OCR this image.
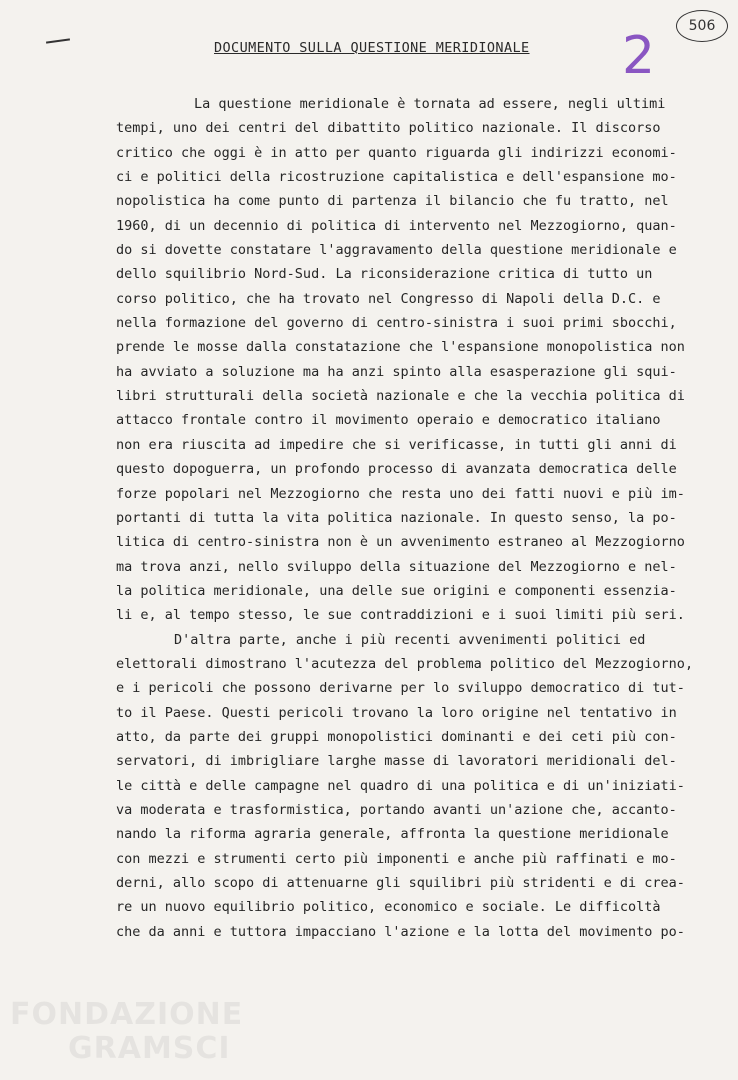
DOCUMENTO SULLA QUESTIONE MERIDIONALE
506
2
La questione meridionale è tornata ad essere, negli ultimi
tempi, uno dei centri del dibattito politico nazionale. Il discorso
critico che oggi è in atto per quanto riguarda gli indirizzi economi-
ci e politici della ricostruzione capitalistica e dell'espansione mo-
nopolistica ha come punto di partenza il bilancio che fu tratto, nel
1960, di un decennio di politica di intervento nel Mezzogiorno, quan-
do si dovette constatare l'aggravamento della questione meridionale e
dello squilibrio Nord-Sud. La riconsiderazione critica di tutto un
corso politico, che ha trovato nel Congresso di Napoli della D.C. e
nella formazione del governo di centro-sinistra i suoi primi sbocchi,
prende le mosse dalla constatazione che l'espansione monopolistica non
ha avviato a soluzione ma ha anzi spinto alla esasperazione gli squi-
libri strutturali della società nazionale e che la vecchia politica di
attacco frontale contro il movimento operaio e democratico italiano
non era riuscita ad impedire che si verificasse, in tutti gli anni di
questo dopoguerra, un profondo processo di avanzata democratica delle
forze popolari nel Mezzogiorno che resta uno dei fatti nuovi e più im-
portanti di tutta la vita politica nazionale. In questo senso, la po-
litica di centro-sinistra non è un avvenimento estraneo al Mezzogiorno
ma trova anzi, nello sviluppo della situazione del Mezzogiorno e nel-
la politica meridionale, una delle sue origini e componenti essenzia-
li e, al tempo stesso, le sue contraddizioni e i suoi limiti più seri.
D'altra parte, anche i più recenti avvenimenti politici ed
elettorali dimostrano l'acutezza del problema politico del Mezzogiorno,
e i pericoli che possono derivarne per lo sviluppo democratico di tut-
to il Paese. Questi pericoli trovano la loro origine nel tentativo in
atto, da parte dei gruppi monopolistici dominanti e dei ceti più con-
servatori, di imbrigliare larghe masse di lavoratori meridionali del-
le città e delle campagne nel quadro di una politica e di un'iniziati-
va moderata e trasformistica, portando avanti un'azione che, accanto-
nando la riforma agraria generale, affronta la questione meridionale
con mezzi e strumenti certo più imponenti e anche più raffinati e mo-
derni, allo scopo di attenuarne gli squilibri più stridenti e di crea-
re un nuovo equilibrio politico, economico e sociale. Le difficoltà
che da anni e tuttora impacciano l'azione e la lotta del movimento po-
FONDAZIONE
GRAMSCI
